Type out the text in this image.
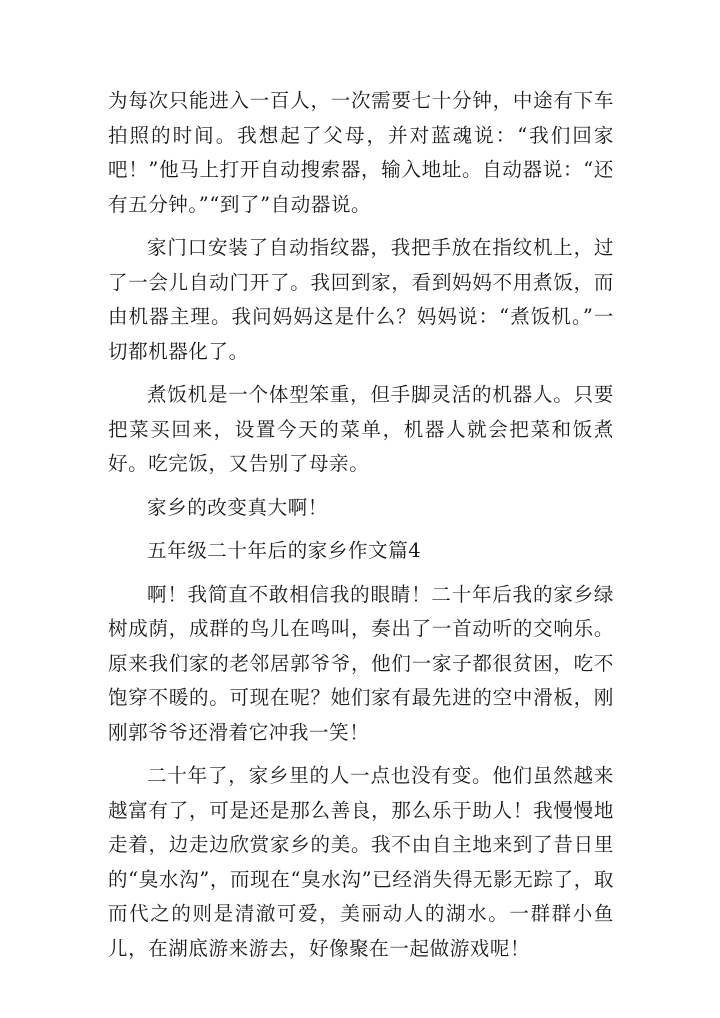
为每次只能进入一百人，一次需要七十分钟，中途有下车拍照的时间。我想起了父母，并对蓝魂说：“我们回家吧！”他马上打开自动搜索器，输入地址。自动器说：“还有五分钟。”“到了”自动器说。

家门口安装了自动指纹器，我把手放在指纹机上，过了一会儿自动门开了。我回到家，看到妈妈不用煮饭，而由机器主理。我问妈妈这是什么？妈妈说：“煮饭机。”一切都机器化了。

煮饭机是一个体型笨重，但手脚灵活的机器人。只要把菜买回来，设置今天的菜单，机器人就会把菜和饭煮好。吃完饭，又告别了母亲。

家乡的改变真大啊！

五年级二十年后的家乡作文篇4

啊！我简直不敢相信我的眼睛！二十年后我的家乡绿树成荫，成群的鸟儿在鸣叫，奏出了一首动听的交响乐。原来我们家的老邻居郭爷爷，他们一家子都很贫困，吃不饱穿不暖的。可现在呢？她们家有最先进的空中滑板，刚刚郭爷爷还滑着它冲我一笑！

二十年了，家乡里的人一点也没有变。他们虽然越来越富有了，可是还是那么善良，那么乐于助人！我慢慢地走着，边走边欣赏家乡的美。我不由自主地来到了昔日里的“臭水沟”，而现在“臭水沟”已经消失得无影无踪了，取而代之的则是清澈可爱，美丽动人的湖水。一群群小鱼儿，在湖底游来游去，好像聚在一起做游戏呢！
